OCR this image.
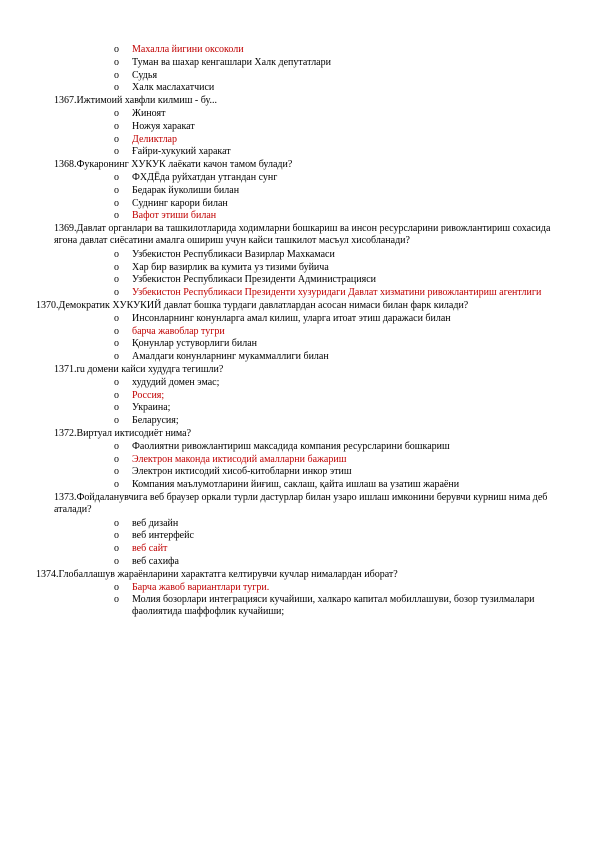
o Махалла йигини оксоколи
o Туман ва шахар кенгашлари Халк депутатлари
o Судья
o Халк маслахатчиси
1367.Ижтимоий хавфли килмиш - бу...
o Жиноят
o Ножуя харакат
o Деликтлар
o Ғайри-хукукий харакат
1368.Фукаронинг ХУКУК лаёкати качон тамом булади?
o ФХДЁда руйхатдан утгандан сунг
o Бедарак йуколиши билан
o Суднинг карори билан
o Вафот этиши билан
1369.Давлат органлари ва ташкилотларида ходимларни бошкариш ва инсон ресурсларини ривожлантириш сохасида ягона давлат сиёсатини амалга ошириш учун кайси ташкилот масъул хисобланади?
o Узбекистон Республикаси Вазирлар Махкамаси
o Хар бир вазирлик ва кумита уз тизими буйича
o Узбекистон Республикаси Президенти Администрацияси
o Узбекистон Республикаси Президенти хузуридаги Давлат хизматини ривожлантириш агентлиги
1370.Демократик ХУКУКИЙ давлат бошка турдаги давлатлардан асосан нимаси билан фарк килади?
o Инсонларнинг конунларга амал килиш, уларга итоат этиш даражаси билан
o барча жавоблар тугри
o Қонунлар устуворлиги билан
o Амалдаги конунларнинг мукаммаллиги билан
1371.ru домени кайси худудга тегишли?
o худудий домен эмас;
o Россия;
o Украина;
o Беларусия;
1372.Виртуал иктисодиёт нима?
o Фаолиятни ривожлантириш максадида компания ресурсларини бошкариш
o Электрон маконда иктисодий амалларни бажариш
o Электрон иктисодий хисоб-китобларни инкор этиш
o Компания маълумотларини йиғиш, саклаш, қайта ишлаш ва узатиш жараёни
1373.Фойдаланувчига веб браузер оркали турли дастурлар билан узаро ишлаш имконини берувчи курниш нима деб аталади?
o веб дизайн
o веб интерфейс
o веб сайт
o веб сахифа
1374.Глобаллашув жараёнларини характатга келтирувчи кучлар нималардан иборат?
o Барча жавоб вариантлари тугри.
o Молия бозорлари интеграцияси кучайиши, халкаро капитал мобиллашуви, бозор тузилмалари фаолиятида шаффофлик кучайиши;
